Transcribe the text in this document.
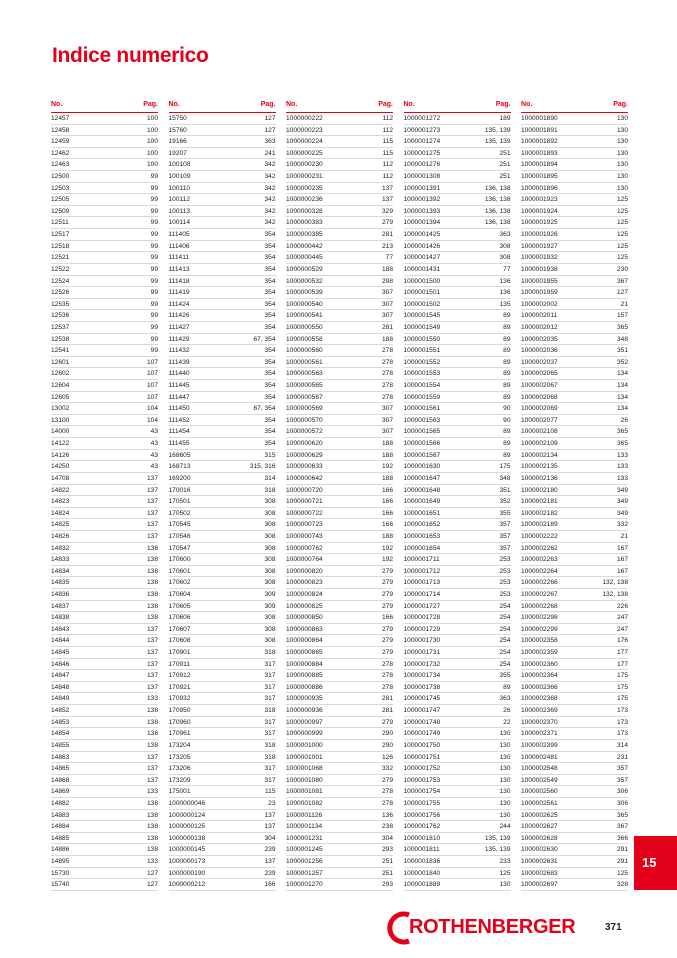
Indice numerico
No.	Pag.
12457	100
12458	100
12459	100
12462	100
12463	100
12500	99
12503	99
12505	99
12509	99
12511	99
12517	99
12518	99
12521	99
12522	99
12524	99
12526	99
12535	99
12536	99
12537	99
12538	99
12541	99
12601	107
12602	107
12604	107
12605	107
13002	104
13100	104
14000	43
14122	43
14126	43
14250	43
14708	137
14822	137
14823	137
14824	137
14825	137
14826	137
14832	138
14833	138
14834	138
14835	138
14836	138
14837	138
14838	138
14843	137
14844	137
14845	137
14846	137
14847	137
14848	137
14849	133
14852	138
14853	138
14854	138
14855	138
14863	137
14865	137
14868	137
14869	133
14882	138
14883	138
14884	138
14885	138
14886	138
14895	133
15730	127
15740	127
No.	Pag.
15750	127
15760	127
19166	363
19207	241
100108	342
100109	342
100110	342
100112	342
100113	342
100114	342
111405	354
111406	354
111411	354
111413	354
111418	354
111419	354
111424	354
111426	354
111427	354
111429	67, 354
111432	354
111439	354
111440	354
111445	354
111447	354
111450	67, 354
111452	354
111454	354
111455	354
168605	315
168713	315, 316
169200	314
170016	318
170501	308
170502	308
170545	308
170546	308
170547	308
170600	308
170601	308
170602	308
170604	309
170605	309
170606	308
170607	308
170608	308
170901	318
170911	317
170912	317
170921	317
170932	317
170950	318
170960	317
170961	317
173204	318
173205	318
173206	317
173209	317
175001	115
1000000046	23
1000000124	137
1000000125	137
1000000138	304
1000000145	239
1000000173	137
1000000190	239
1000000212	166
No.	Pag.
1000000222	112
1000000223	112
1000000224	115
1000000225	115
1000000230	112
1000000231	112
1000000235	137
1000000236	137
1000000328	329
1000000383	279
1000000385	281
1000000442	213
1000000445	77
1000000529	188
1000000532	298
1000000539	307
1000000540	307
1000000541	307
1000000550	281
1000000558	188
1000000560	278
1000000561	278
1000000563	278
1000000565	278
1000000567	278
1000000569	307
1000000570	307
1000000572	307
1000000620	188
1000000629	188
1000000633	192
1000000642	188
1000000720	166
1000000721	166
1000000722	166
1000000723	166
1000000743	188
1000000762	192
1000000764	192
1000000820	279
1000000823	279
1000000824	279
1000000825	279
1000000850	166
1000000863	279
1000000864	279
1000000865	279
1000000884	278
1000000885	278
1000000886	278
1000000935	281
1000000936	281
1000000997	279
1000000999	290
1000001000	290
1000001001	126
1000001068	332
1000001080	279
1000001081	278
1000001082	278
1000001126	136
1000001134	238
1000001231	304
1000001245	293
1000001256	251
1000001257	251
1000001270	293
No.	Pag.
1000001272	189
1000001273	135, 139
1000001274	135, 139
1000001275	251
1000001276	251
1000001308	251
1000001391	136, 138
1000001392	136, 138
1000001393	136, 138
1000001394	136, 138
1000001425	363
1000001426	308
1000001427	308
1000001431	77
1000001500	136
1000001501	136
1000001502	135
1000001545	89
1000001549	89
1000001550	89
1000001551	89
1000001552	89
1000001553	89
1000001554	89
1000001559	89
1000001561	90
1000001563	90
1000001565	89
1000001566	89
1000001567	89
1000001630	175
1000001647	348
1000001648	351
1000001649	352
1000001651	355
1000001652	357
1000001653	357
1000001654	357
1000001711	253
1000001712	253
1000001713	253
1000001714	253
1000001727	254
1000001728	254
1000001729	254
1000001730	254
1000001731	254
1000001732	254
1000001734	355
1000001738	89
1000001745	363
1000001747	26
1000001748	22
1000001749	130
1000001750	130
1000001751	130
1000001752	130
1000001753	130
1000001754	130
1000001755	130
1000001756	130
1000001762	244
1000001810	135, 139
1000001811	135, 139
1000001836	233
1000001840	125
1000001889	130
No.	Pag.
1000001890	130
1000001891	130
1000001892	130
1000001893	130
1000001894	130
1000001895	130
1000001896	130
1000001923	125
1000001924	125
1000001925	125
1000001926	125
1000001927	125
1000001932	125
1000001938	230
1000001955	367
1000001959	127
1000002002	21
1000002011	157
1000002012	365
1000002035	348
1000002036	351
1000002037	352
1000002065	134
1000002067	134
1000002068	134
1000002069	134
1000002077	26
1000002108	365
1000002109	365
1000002134	133
1000002135	133
1000002136	133
1000002180	349
1000002181	349
1000002182	349
1000002189	332
1000002222	21
1000002262	167
1000002263	167
1000002264	167
1000002266	132, 138
1000002267	132, 138
1000002268	226
1000002298	247
1000002299	247
1000002358	176
1000002359	177
1000002360	177
1000002364	175
1000002366	175
1000002368	175
1000002369	173
1000002370	173
1000002371	173
1000002399	314
1000002481	231
1000002548	357
1000002549	357
1000002560	306
1000002561	306
1000002625	365
1000002627	367
1000002628	366
1000002630	291
1000002631	291
1000002683	125
1000002697	328
15
ROTHENBERGER	371
